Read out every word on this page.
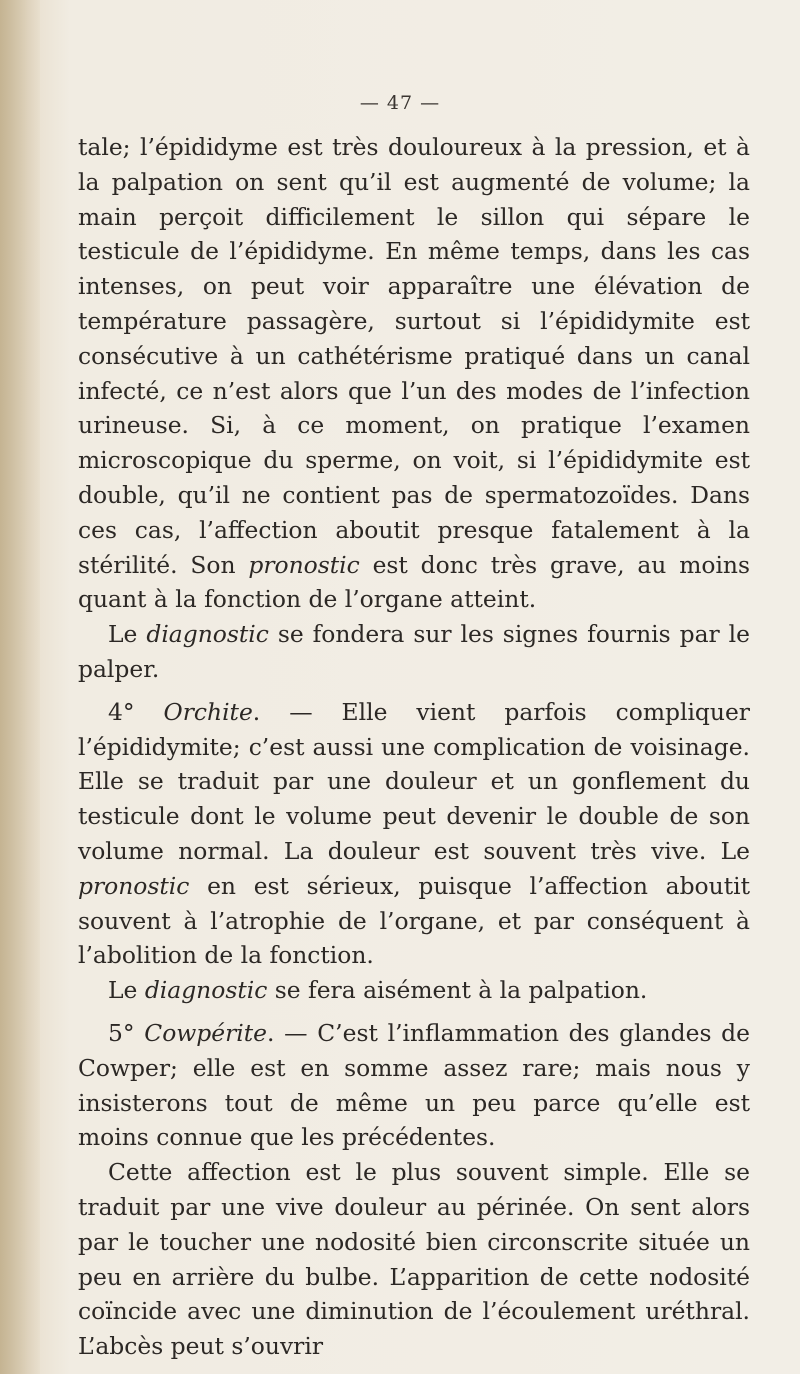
— 47 —

tale; l’épididyme est très douloureux à la pression, et à la palpation on sent qu’il est augmenté de volume; la main perçoit difficilement le sillon qui sépare le testicule de l’épididyme. En même temps, dans les cas intenses, on peut voir apparaître une élévation de température passagère, surtout si l’épididymite est consécutive à un cathétérisme pratiqué dans un canal infecté, ce n’est alors que l’un des modes de l’infection urineuse. Si, à ce moment, on pratique l’examen microscopique du sperme, on voit, si l’épididymite est double, qu’il ne contient pas de spermatozoïdes. Dans ces cas, l’affection aboutit presque fatalement à la stérilité. Son pronostic est donc très grave, au moins quant à la fonction de l’organe atteint.

Le diagnostic se fondera sur les signes fournis par le palper.

4° Orchite. — Elle vient parfois compliquer l’épididymite; c’est aussi une complication de voisinage. Elle se traduit par une douleur et un gonflement du testicule dont le volume peut devenir le double de son volume normal. La douleur est souvent très vive. Le pronostic en est sérieux, puisque l’affection aboutit souvent à l’atrophie de l’organe, et par conséquent à l’abolition de la fonction.

Le diagnostic se fera aisément à la palpation.

5° Cowpérite. — C’est l’inflammation des glandes de Cowper; elle est en somme assez rare; mais nous y insisterons tout de même un peu parce qu’elle est moins connue que les précédentes.

Cette affection est le plus souvent simple. Elle se traduit par une vive douleur au périnée. On sent alors par le toucher une nodosité bien circonscrite située un peu en arrière du bulbe. L’apparition de cette nodosité coïncide avec une diminution de l’écoulement uréthral. L’abcès peut s’ouvrir
